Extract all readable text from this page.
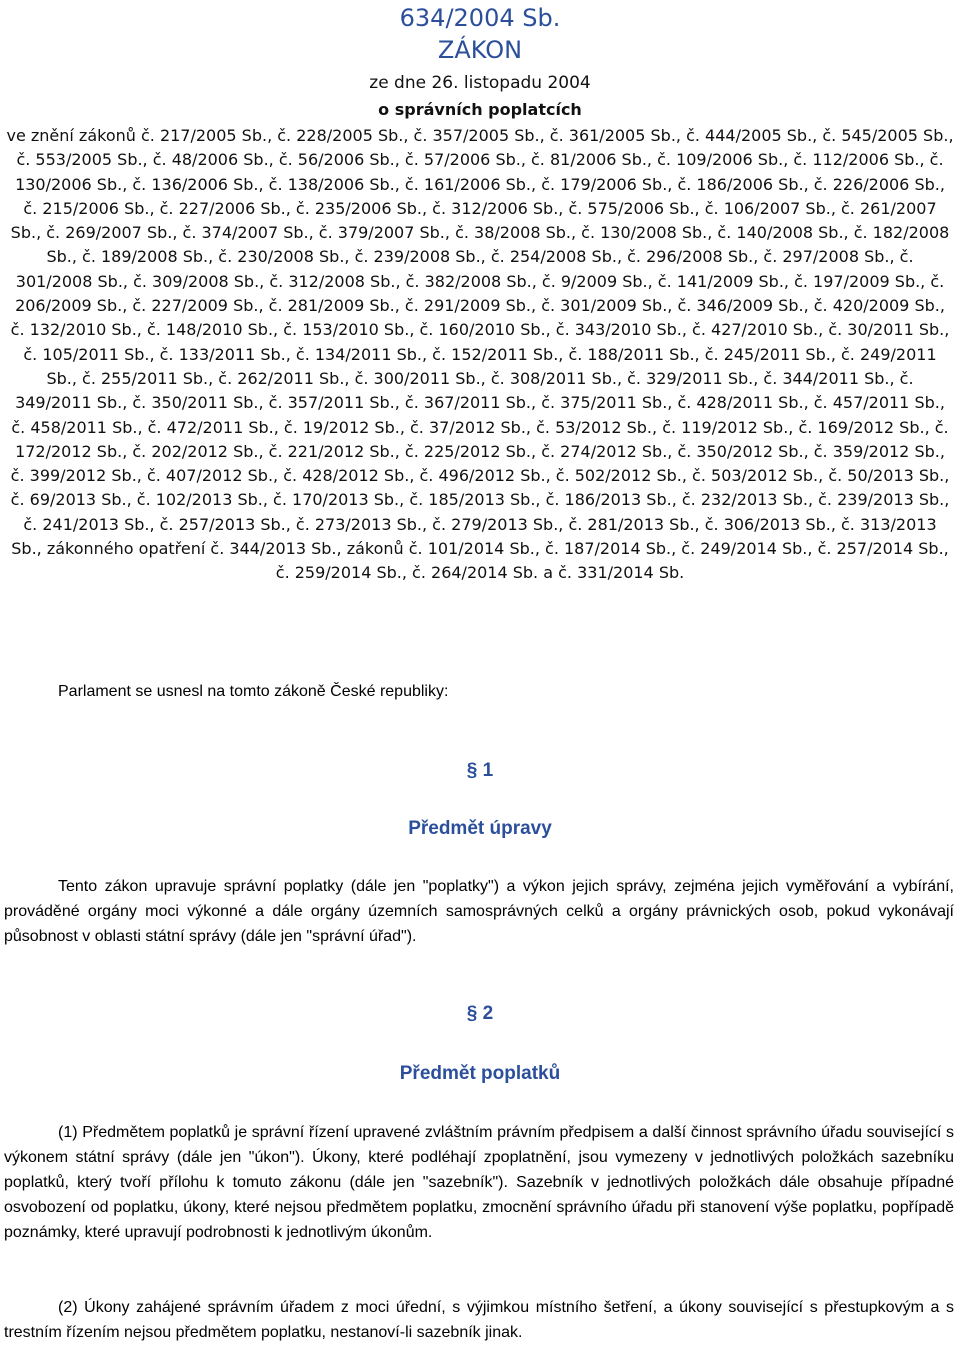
634/2004 Sb.
ZÁKON
ze dne 26. listopadu 2004
o správních poplatcích
ve znění zákonů č. 217/2005 Sb., č. 228/2005 Sb., č. 357/2005 Sb., č. 361/2005 Sb., č. 444/2005 Sb., č. 545/2005 Sb., č. 553/2005 Sb., č. 48/2006 Sb., č. 56/2006 Sb., č. 57/2006 Sb., č. 81/2006 Sb., č. 109/2006 Sb., č. 112/2006 Sb., č. 130/2006 Sb., č. 136/2006 Sb., č. 138/2006 Sb., č. 161/2006 Sb., č. 179/2006 Sb., č. 186/2006 Sb., č. 226/2006 Sb., č. 215/2006 Sb., č. 227/2006 Sb., č. 235/2006 Sb., č. 312/2006 Sb., č. 575/2006 Sb., č. 106/2007 Sb., č. 261/2007 Sb., č. 269/2007 Sb., č. 374/2007 Sb., č. 379/2007 Sb., č. 38/2008 Sb., č. 130/2008 Sb., č. 140/2008 Sb., č. 182/2008 Sb., č. 189/2008 Sb., č. 230/2008 Sb., č. 239/2008 Sb., č. 254/2008 Sb., č. 296/2008 Sb., č. 297/2008 Sb., č. 301/2008 Sb., č. 309/2008 Sb., č. 312/2008 Sb., č. 382/2008 Sb., č. 9/2009 Sb., č. 141/2009 Sb., č. 197/2009 Sb., č. 206/2009 Sb., č. 227/2009 Sb., č. 281/2009 Sb., č. 291/2009 Sb., č. 301/2009 Sb., č. 346/2009 Sb., č. 420/2009 Sb., č. 132/2010 Sb., č. 148/2010 Sb., č. 153/2010 Sb., č. 160/2010 Sb., č. 343/2010 Sb., č. 427/2010 Sb., č. 30/2011 Sb., č. 105/2011 Sb., č. 133/2011 Sb., č. 134/2011 Sb., č. 152/2011 Sb., č. 188/2011 Sb., č. 245/2011 Sb., č. 249/2011 Sb., č. 255/2011 Sb., č. 262/2011 Sb., č. 300/2011 Sb., č. 308/2011 Sb., č. 329/2011 Sb., č. 344/2011 Sb., č. 349/2011 Sb., č. 350/2011 Sb., č. 357/2011 Sb., č. 367/2011 Sb., č. 375/2011 Sb., č. 428/2011 Sb., č. 457/2011 Sb., č. 458/2011 Sb., č. 472/2011 Sb., č. 19/2012 Sb., č. 37/2012 Sb., č. 53/2012 Sb., č. 119/2012 Sb., č. 169/2012 Sb., č. 172/2012 Sb., č. 202/2012 Sb., č. 221/2012 Sb., č. 225/2012 Sb., č. 274/2012 Sb., č. 350/2012 Sb., č. 359/2012 Sb., č. 399/2012 Sb., č. 407/2012 Sb., č. 428/2012 Sb., č. 496/2012 Sb., č. 502/2012 Sb., č. 503/2012 Sb., č. 50/2013 Sb., č. 69/2013 Sb., č. 102/2013 Sb., č. 170/2013 Sb., č. 185/2013 Sb., č. 186/2013 Sb., č. 232/2013 Sb., č. 239/2013 Sb., č. 241/2013 Sb., č. 257/2013 Sb., č. 273/2013 Sb., č. 279/2013 Sb., č. 281/2013 Sb., č. 306/2013 Sb., č. 313/2013 Sb., zákonného opatření č. 344/2013 Sb., zákonů č. 101/2014 Sb., č. 187/2014 Sb., č. 249/2014 Sb., č. 257/2014 Sb., č. 259/2014 Sb., č. 264/2014 Sb. a č. 331/2014 Sb.
Parlament se usnesl na tomto zákoně České republiky:
§ 1
Předmět úpravy
Tento zákon upravuje správní poplatky (dále jen "poplatky") a výkon jejich správy, zejména jejich vyměřování a vybírání, prováděné orgány moci výkonné a dále orgány územních samosprávných celků a orgány právnických osob, pokud vykonávají působnost v oblasti státní správy (dále jen "správní úřad").
§ 2
Předmět poplatků
(1) Předmětem poplatků je správní řízení upravené zvláštním právním předpisem a další činnost správního úřadu související s výkonem státní správy (dále jen "úkon"). Úkony, které podléhají zpoplatnění, jsou vymezeny v jednotlivých položkách sazebníku poplatků, který tvoří přílohu k tomuto zákonu (dále jen "sazebník"). Sazebník v jednotlivých položkách dále obsahuje případné osvobození od poplatku, úkony, které nejsou předmětem poplatku, zmocnění správního úřadu při stanovení výše poplatku, popřípadě poznámky, které upravují podrobnosti k jednotlivým úkonům.
(2) Úkony zahájené správním úřadem z moci úřední, s výjimkou místního šetření, a úkony související s přestupkovým a s trestním řízením nejsou předmětem poplatku, nestanoví-li sazebník jinak.
